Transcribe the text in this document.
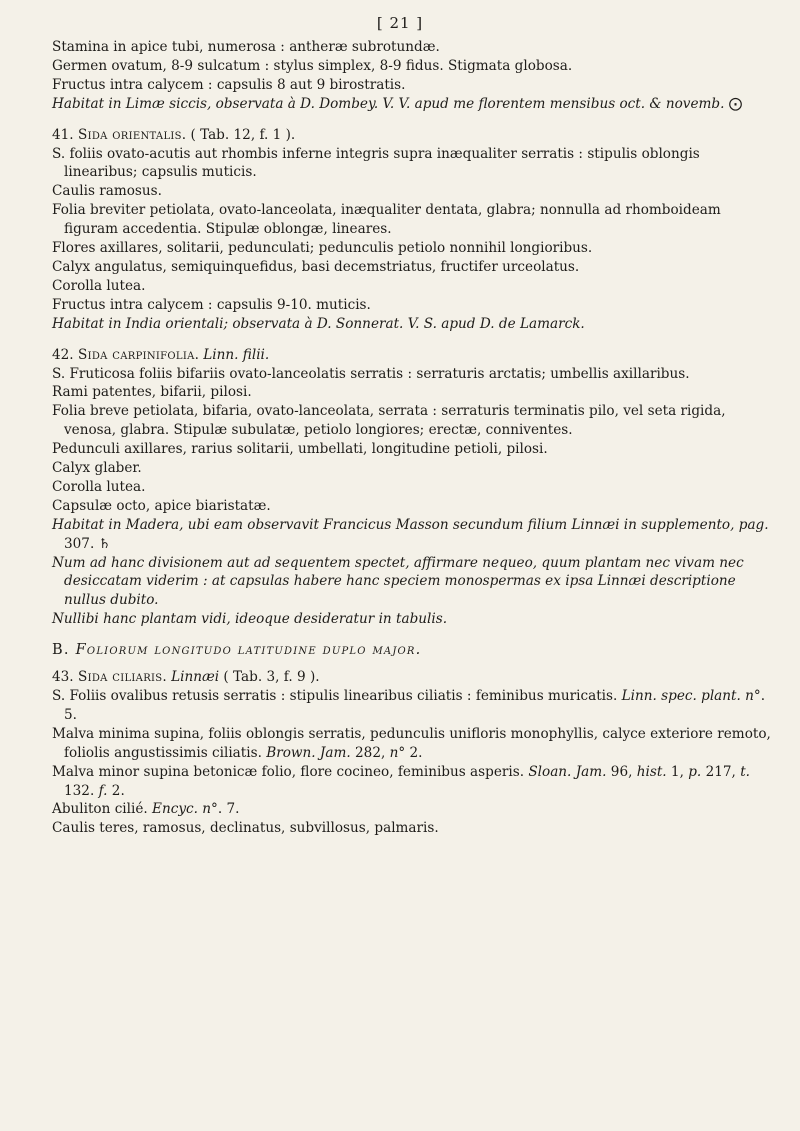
[ 21 ]

Stamina in apice tubi, numerosa : antheræ subrotundæ.

Germen ovatum, 8-9 sulcatum : stylus simplex, 8-9 fidus. Stigmata globosa.

Fructus intra calycem : capsulis 8 aut 9 birostratis.

Habitat in Limæ siccis, observata à D. Dombey. V. V. apud me florentem mensibus oct. & novemb. ⨀

41. Sida orientalis. ( Tab. 12, f. 1 ).

S. foliis ovato-acutis aut rhombis inferne integris supra inæqualiter serratis : stipulis oblongis linearibus; capsulis muticis.

Caulis ramosus.

Folia breviter petiolata, ovato-lanceolata, inæqualiter dentata, glabra; nonnulla ad rhomboideam figuram accedentia. Stipulæ oblongæ, lineares.

Flores axillares, solitarii, pedunculati; pedunculis petiolo nonnihil longioribus.

Calyx angulatus, semiquinquefidus, basi decemstriatus, fructifer urceolatus.

Corolla lutea.

Fructus intra calycem : capsulis 9-10. muticis.

Habitat in India orientali; observata à D. Sonnerat. V. S. apud D. de Lamarck.

42. Sida carpinifolia. Linn. filii.

S. Fruticosa foliis bifariis ovato-lanceolatis serratis : serraturis arctatis; umbellis axillaribus.

Rami patentes, bifarii, pilosi.

Folia breve petiolata, bifaria, ovato-lanceolata, serrata : serraturis terminatis pilo, vel seta rigida, venosa, glabra. Stipulæ subulatæ, petiolo longiores; erectæ, conniventes.

Pedunculi axillares, rarius solitarii, umbellati, longitudine petioli, pilosi.

Calyx glaber.

Corolla lutea.

Capsulæ octo, apice biaristatæ.

Habitat in Madera, ubi eam observavit Francicus Masson secundum filium Linnæi in supplemento, pag. 307. ♄

Num ad hanc divisionem aut ad sequentem spectet, affirmare nequeo, quum plantam nec vivam nec desiccatam viderim : at capsulas habere hanc speciem monospermas ex ipsa Linnæi descriptione nullus dubito.

Nullibi hanc plantam vidi, ideoque desideratur in tabulis.

B. Foliorum longitudo latitudine duplo major.

43. Sida ciliaris. Linnæi ( Tab. 3, f. 9 ).

S. Foliis ovalibus retusis serratis : stipulis linearibus ciliatis : feminibus muricatis. Linn. spec. plant. n°. 5.

Malva minima supina, foliis oblongis serratis, pedunculis unifloris monophyllis, calyce exteriore remoto, foliolis angustissimis ciliatis. Brown. Jam. 282, n° 2.

Malva minor supina betonicæ folio, flore cocineo, feminibus asperis. Sloan. Jam. 96, hist. 1, p. 217, t. 132. f. 2.

Abuliton cilié. Encyc. n°. 7.

Caulis teres, ramosus, declinatus, subvillosus, palmaris.
